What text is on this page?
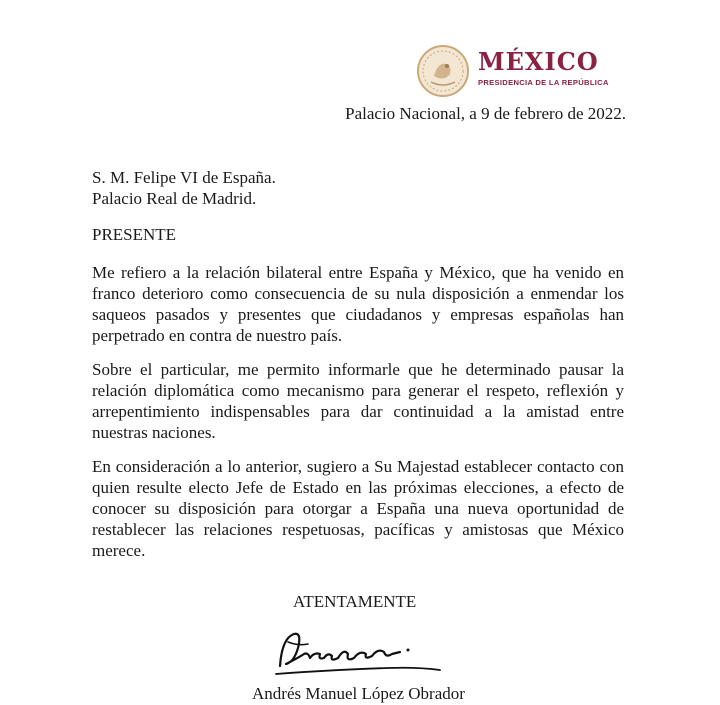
MÉXICO
PRESIDENCIA DE LA REPÚBLICA
Palacio Nacional, a 9 de febrero de 2022.
S. M. Felipe VI de España.
Palacio Real de Madrid.
PRESENTE
Me refiero a la relación bilateral entre España y México, que ha venido en franco deterioro como consecuencia de su nula disposición a enmendar los saqueos pasados y presentes que ciudadanos y empresas españolas han perpetrado en contra de nuestro país.
Sobre el particular, me permito informarle que he determinado pausar la relación diplomática como mecanismo para generar el respeto, reflexión y arrepentimiento indispensables para dar continuidad a la amistad entre nuestras naciones.
En consideración a lo anterior, sugiero a Su Majestad establecer contacto con quien resulte electo Jefe de Estado en las próximas elecciones, a efecto de conocer su disposición para otorgar a España una nueva oportunidad de restablecer las relaciones respetuosas, pacíficas y amistosas que México merece.
ATENTAMENTE
Andrés Manuel López Obrador
